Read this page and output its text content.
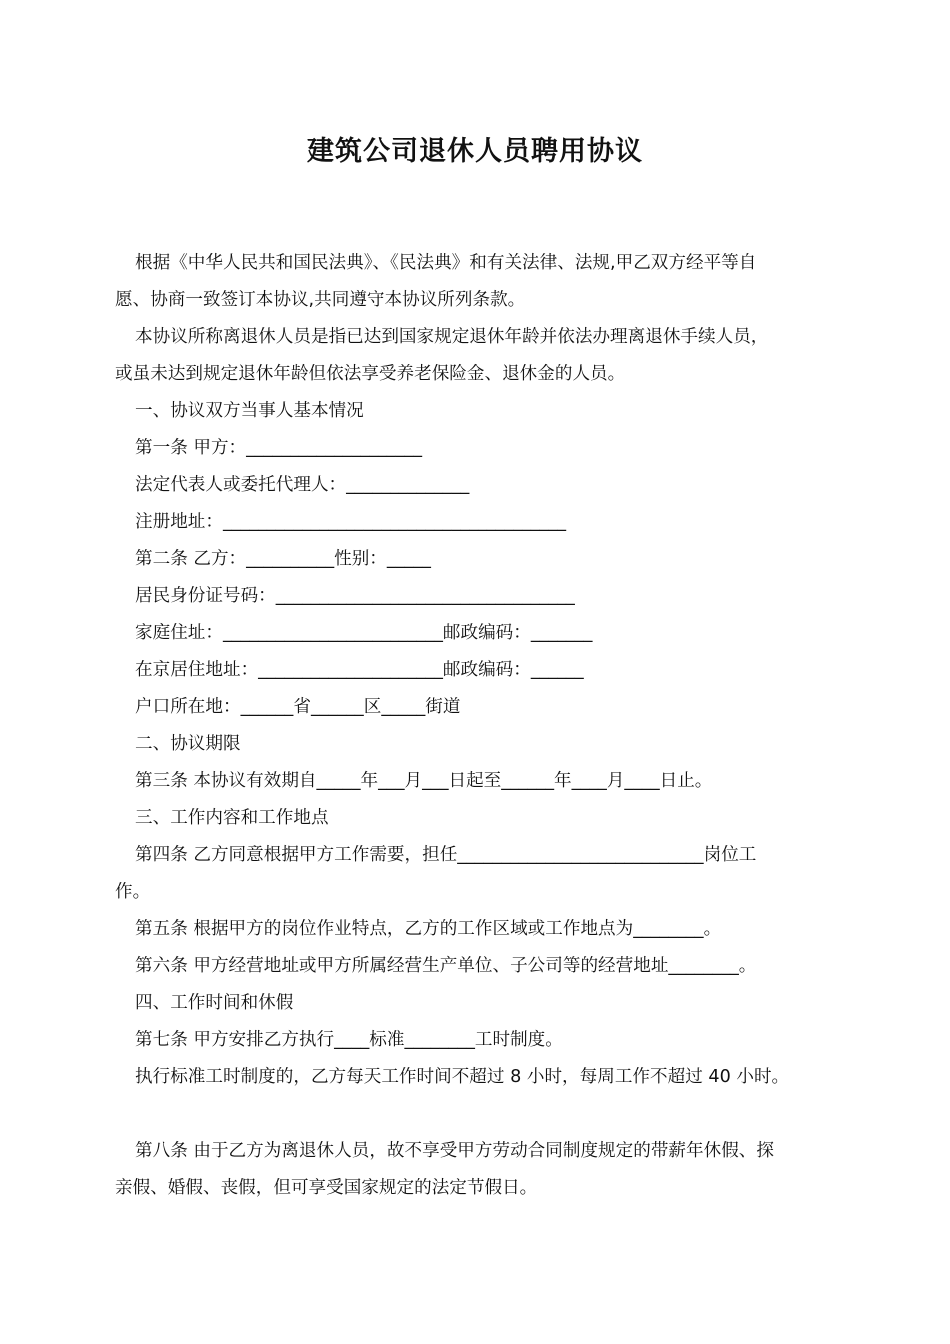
建筑公司退休人员聘用协议

根据《中华人民共和国民法典》、《民法典》和有关法律、法规,甲乙双方经平等自

愿、协商一致签订本协议,共同遵守本协议所列条款。

本协议所称离退休人员是指已达到国家规定退休年龄并依法办理离退休手续人员，

或虽未达到规定退休年龄但依法享受养老保险金、退休金的人员。

一、协议双方当事人基本情况

第一条 甲方：____________________

法定代表人或委托代理人：______________

注册地址：_______________________________________

第二条 乙方：__________性别：_____

居民身份证号码：__________________________________

家庭住址：_________________________邮政编码：_______

在京居住地址：_____________________邮政编码：______

户口所在地：______省______区_____街道

二、协议期限

第三条 本协议有效期自_____年___月___日起至______年____月____日止。

三、工作内容和工作地点

第四条 乙方同意根据甲方工作需要，担任____________________________岗位工

作。

第五条 根据甲方的岗位作业特点，乙方的工作区域或工作地点为________。

第六条 甲方经营地址或甲方所属经营生产单位、子公司等的经营地址________。

四、工作时间和休假

第七条 甲方安排乙方执行____标准________工时制度。

执行标准工时制度的，乙方每天工作时间不超过 8 小时，每周工作不超过 40 小时。

第八条 由于乙方为离退休人员，故不享受甲方劳动合同制度规定的带薪年休假、探

亲假、婚假、丧假，但可享受国家规定的法定节假日。
